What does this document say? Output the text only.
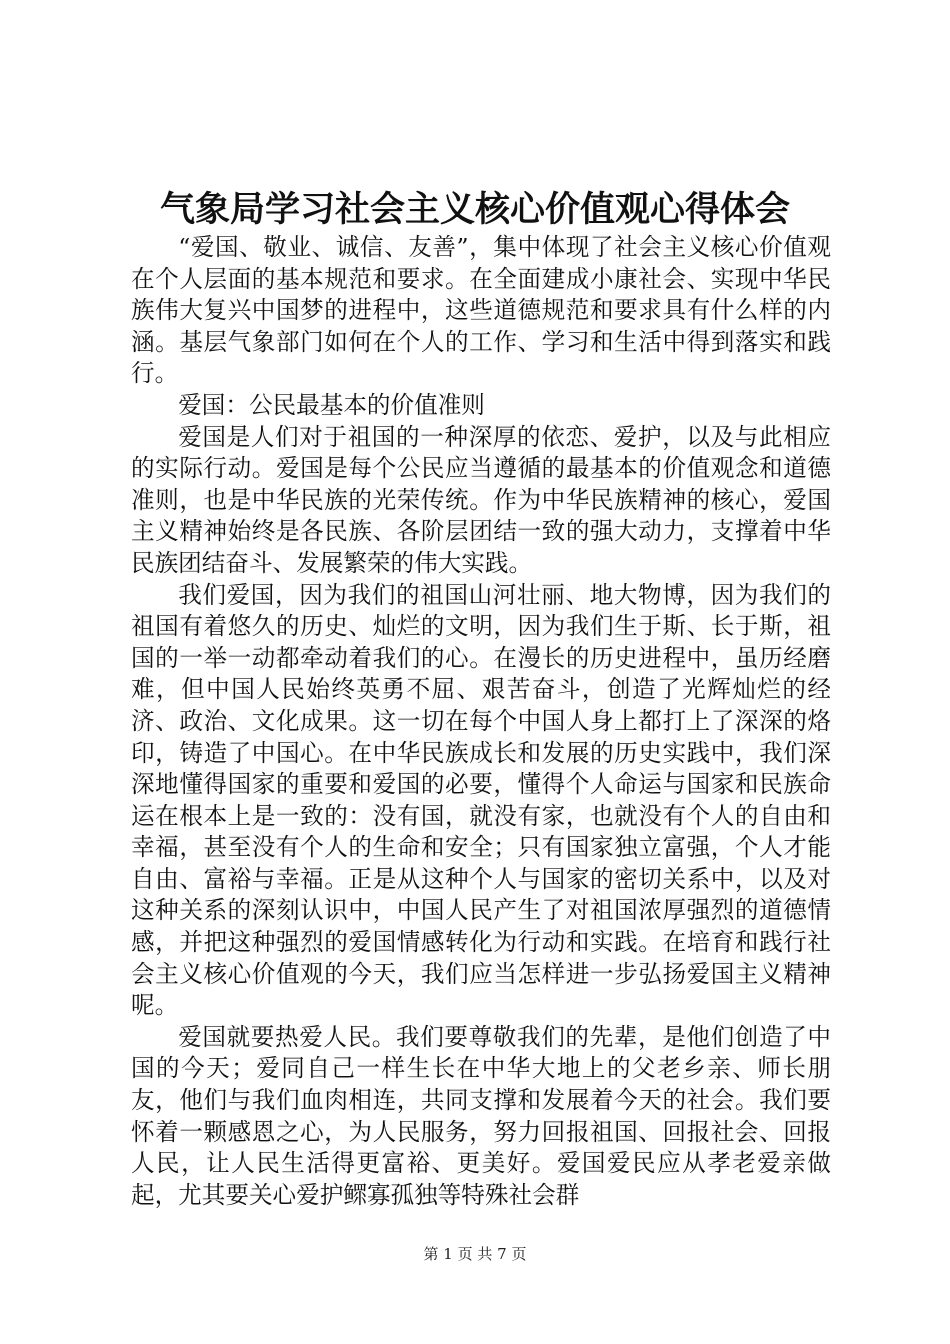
气象局学习社会主义核心价值观心得体会

“爱国、敬业、诚信、友善”，集中体现了社会主义核心价值观在个人层面的基本规范和要求。在全面建成小康社会、实现中华民族伟大复兴中国梦的进程中，这些道德规范和要求具有什么样的内涵。基层气象部门如何在个人的工作、学习和生活中得到落实和践行。

爱国：公民最基本的价值准则

爱国是人们对于祖国的一种深厚的依恋、爱护，以及与此相应的实际行动。爱国是每个公民应当遵循的最基本的价值观念和道德准则，也是中华民族的光荣传统。作为中华民族精神的核心，爱国主义精神始终是各民族、各阶层团结一致的强大动力，支撑着中华民族团结奋斗、发展繁荣的伟大实践。

我们爱国，因为我们的祖国山河壮丽、地大物博，因为我们的祖国有着悠久的历史、灿烂的文明，因为我们生于斯、长于斯，祖国的一举一动都牵动着我们的心。在漫长的历史进程中，虽历经磨难，但中国人民始终英勇不屈、艰苦奋斗，创造了光辉灿烂的经济、政治、文化成果。这一切在每个中国人身上都打上了深深的烙印，铸造了中国心。在中华民族成长和发展的历史实践中，我们深深地懂得国家的重要和爱国的必要，懂得个人命运与国家和民族命运在根本上是一致的：没有国，就没有家，也就没有个人的自由和幸福，甚至没有个人的生命和安全；只有国家独立富强，个人才能自由、富裕与幸福。正是从这种个人与国家的密切关系中，以及对这种关系的深刻认识中，中国人民产生了对祖国浓厚强烈的道德情感，并把这种强烈的爱国情感转化为行动和实践。在培育和践行社会主义核心价值观的今天，我们应当怎样进一步弘扬爱国主义精神呢。

爱国就要热爱人民。我们要尊敬我们的先辈，是他们创造了中国的今天；爱同自己一样生长在中华大地上的父老乡亲、师长朋友，他们与我们血肉相连，共同支撑和发展着今天的社会。我们要怀着一颗感恩之心，为人民服务，努力回报祖国、回报社会、回报人民，让人民生活得更富裕、更美好。爱国爱民应从孝老爱亲做起，尤其要关心爱护鳏寡孤独等特殊社会群

第 1 页 共 7 页
